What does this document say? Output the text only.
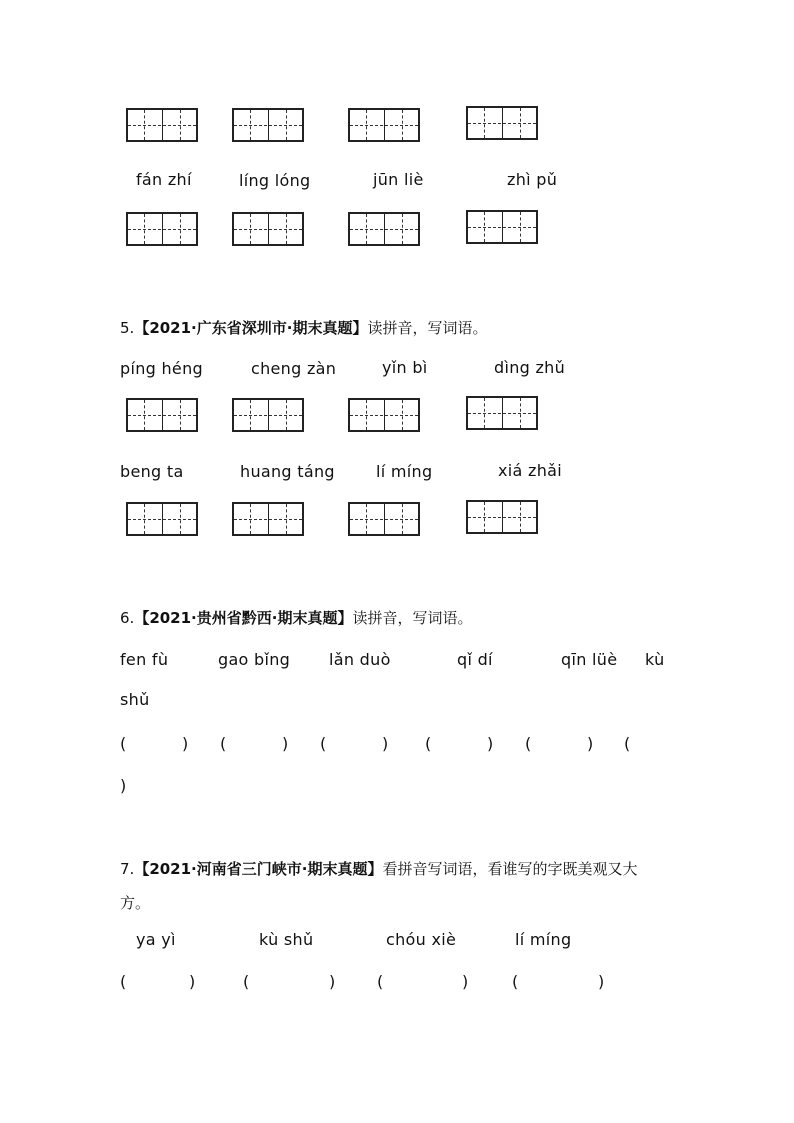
fán zhí	líng lóng	jūn liè	zhì pǔ
5.【2021·广东省深圳市·期末真题】读拼音，写词语。
píng héng	cheng zàn	yǐn bì	dìng zhǔ
beng ta	huang táng	lí míng	xiá zhǎi
6.【2021·贵州省黔西·期末真题】读拼音，写词语。
fen fù	gao bǐng lǎn duò	qǐ dí	qīn lüè kù
shǔ
(	) (	) (	) (	) (	) (
)
7.【2021·河南省三门峡市·期末真题】看拼音写词语，看谁写的字既美观又大
方。
ya yì	kù shǔ	chóu xiè	lí míng
(	)	(	)	(	)	(	)
